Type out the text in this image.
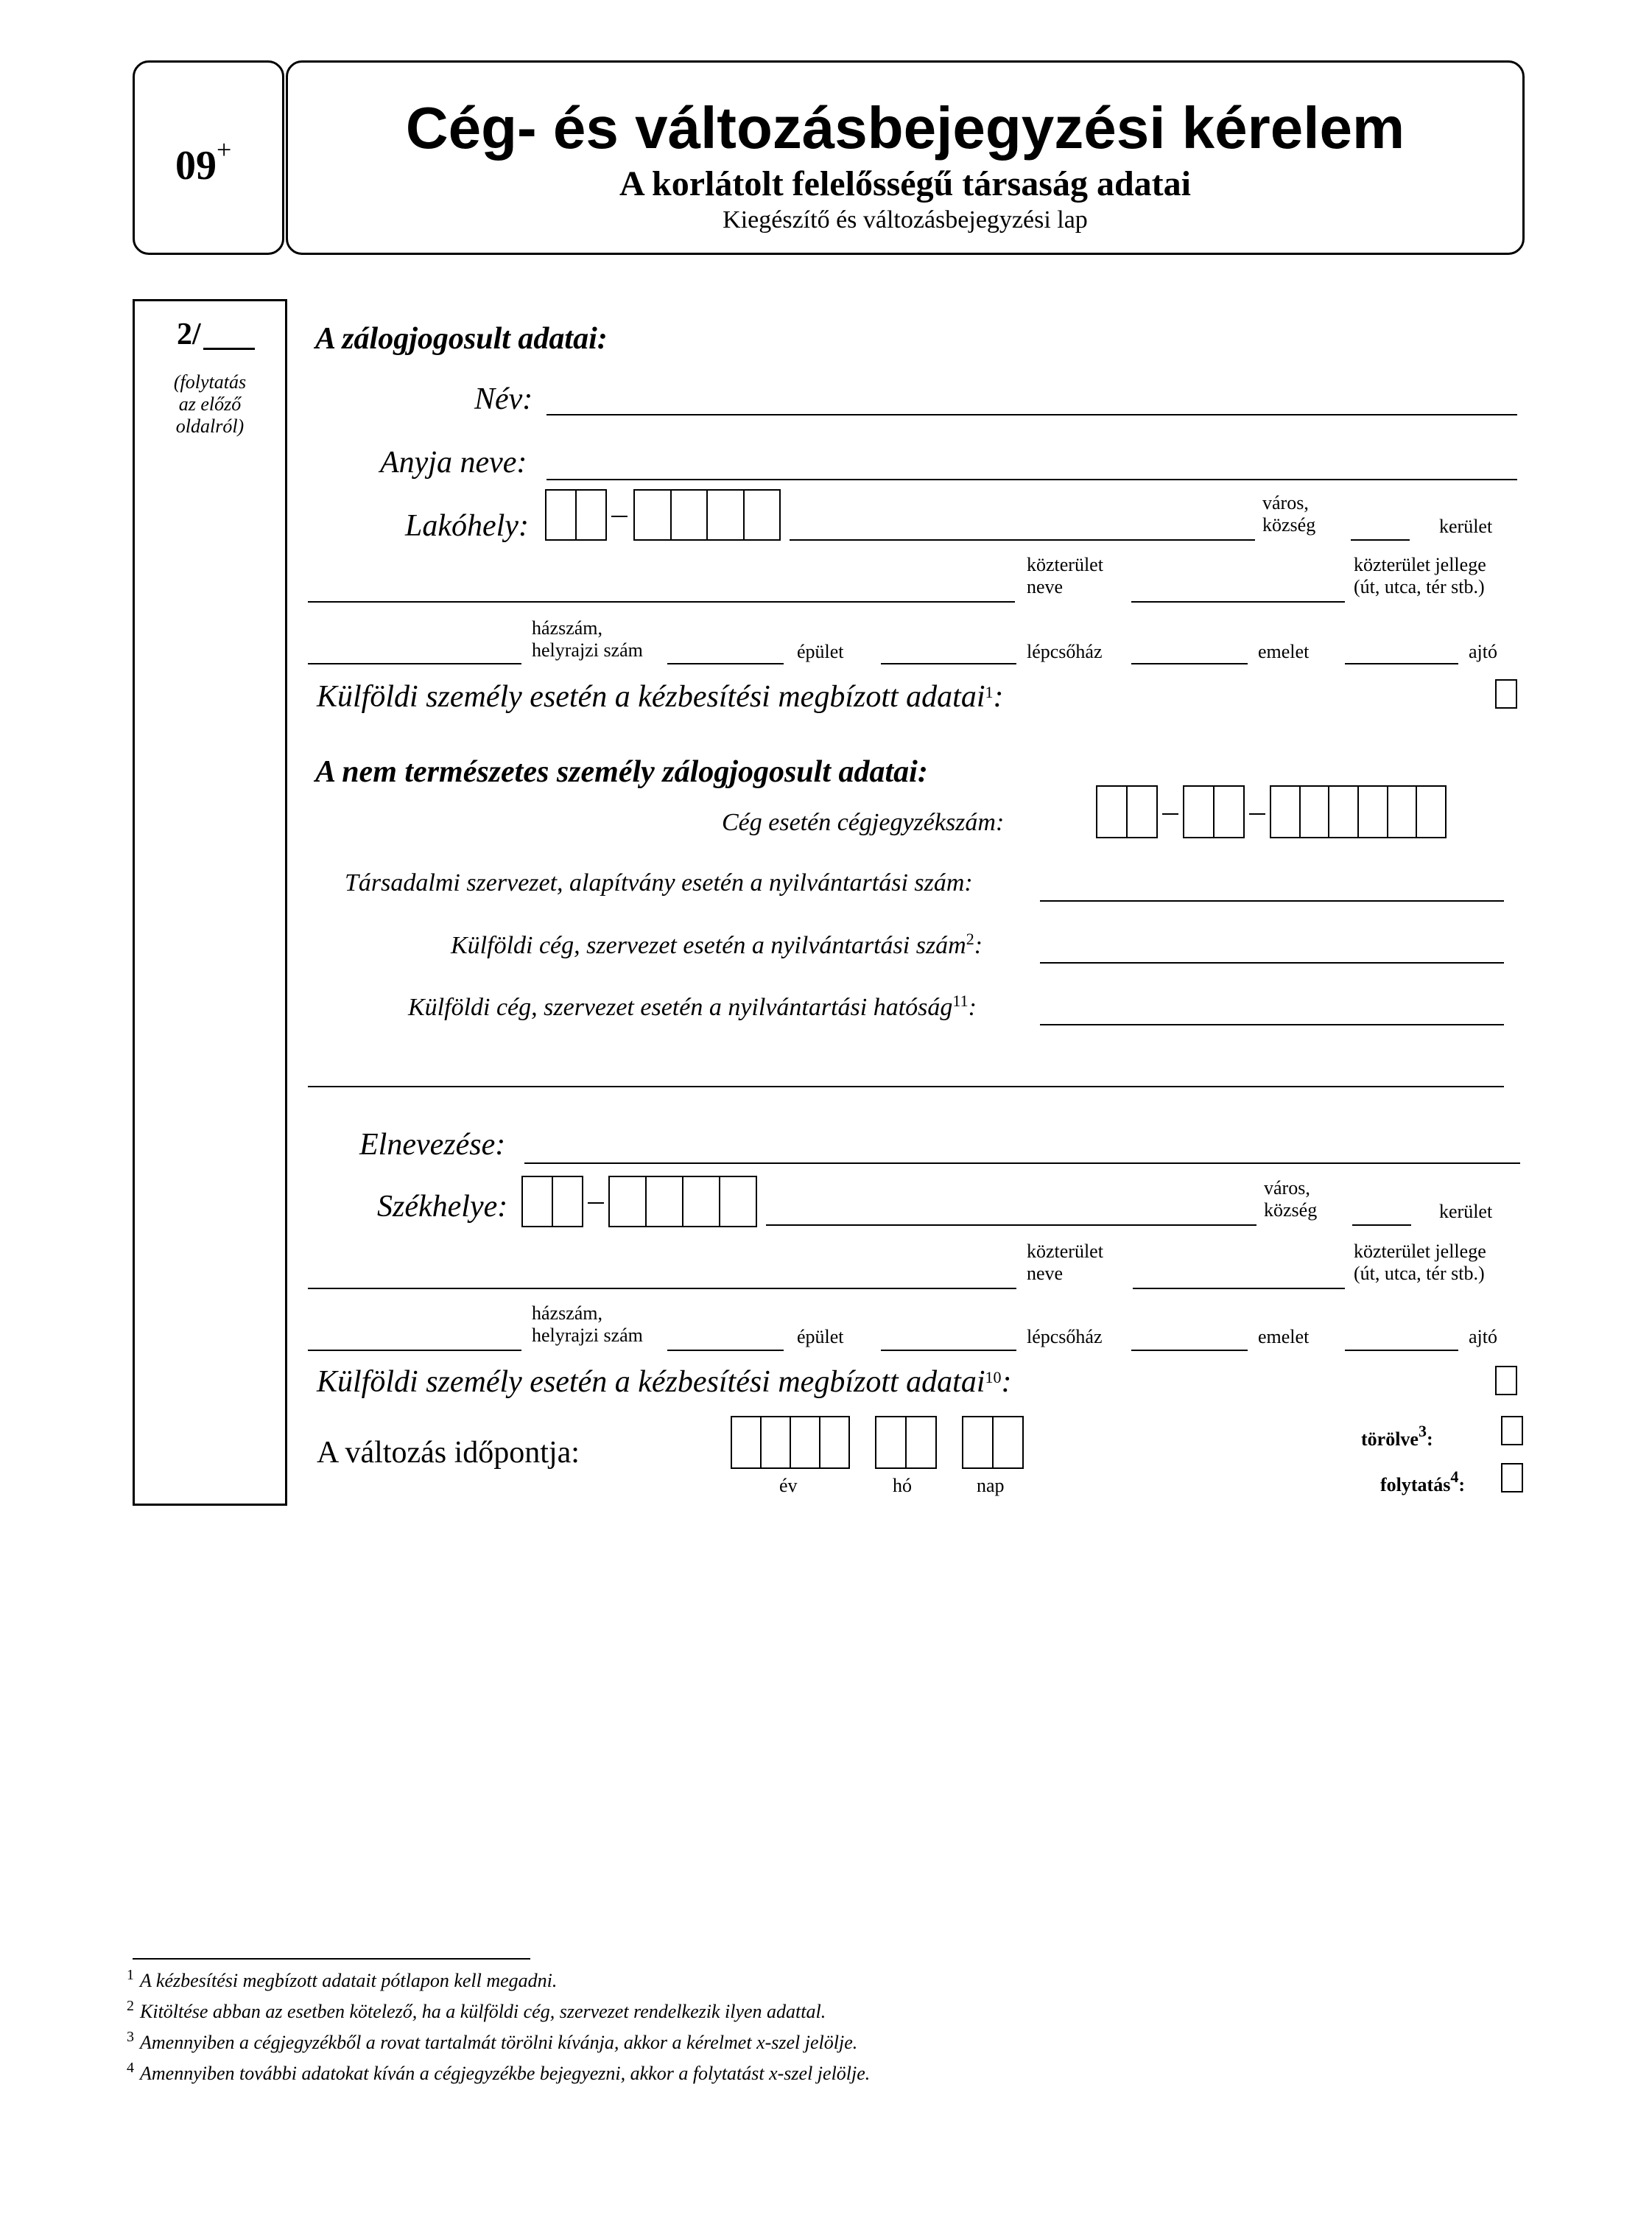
09+	Cég- és változásbejegyzési kérelem
A korlátolt felelősségű társaság adatai
Kiegészítő és változásbejegyzési lap
2/
(folytatás
az előző
oldalról)
A zálogjogosult adatai:
Név:
Anyja neve:
Lakóhely:
város,
község	kerület
közterület
neve
közterület jellege
(út, utca, tér stb.)
házszám,
helyrajzi szám	épület	lépcsőház	emelet	ajtó
Külföldi személy esetén a kézbesítési megbízott adatai$^1$:
A nem természetes személy zálogjogosult adatai:
Cég esetén cégjegyzékszám:
Társadalmi szervezet, alapítvány esetén a nyilvántartási szám:
Külföldi cég, szervezet esetén a nyilvántartási szám$^2$:
Külföldi cég, szervezet esetén a nyilvántartási hatóság$^{11}$:
Elnevezése:
Székhelye:
város,
község	kerület
közterület
neve
közterület jellege
(út, utca, tér stb.)
házszám,
helyrajzi szám	épület	lépcsőház	emelet	ajtó
Külföldi személy esetén a kézbesítési megbízott adatai$^{10}$:
A változás időpontja:
év	hó	nap
törölve$^3$:
folytatás$^4$:
$^1$ A kézbesítési megbízott adatait pótlapon kell megadni.
$^2$ Kitöltése abban az esetben kötelező, ha a külföldi cég, szervezet rendelkezik ilyen adattal.
$^3$ Amennyiben a cégjegyzékből a rovat tartalmát törölni kívánja, akkor a kérelmet x-szel jelölje.
$^4$ Amennyiben további adatokat kíván a cégjegyzékbe bejegyezni, akkor a folytatást x-szel jelölje.
